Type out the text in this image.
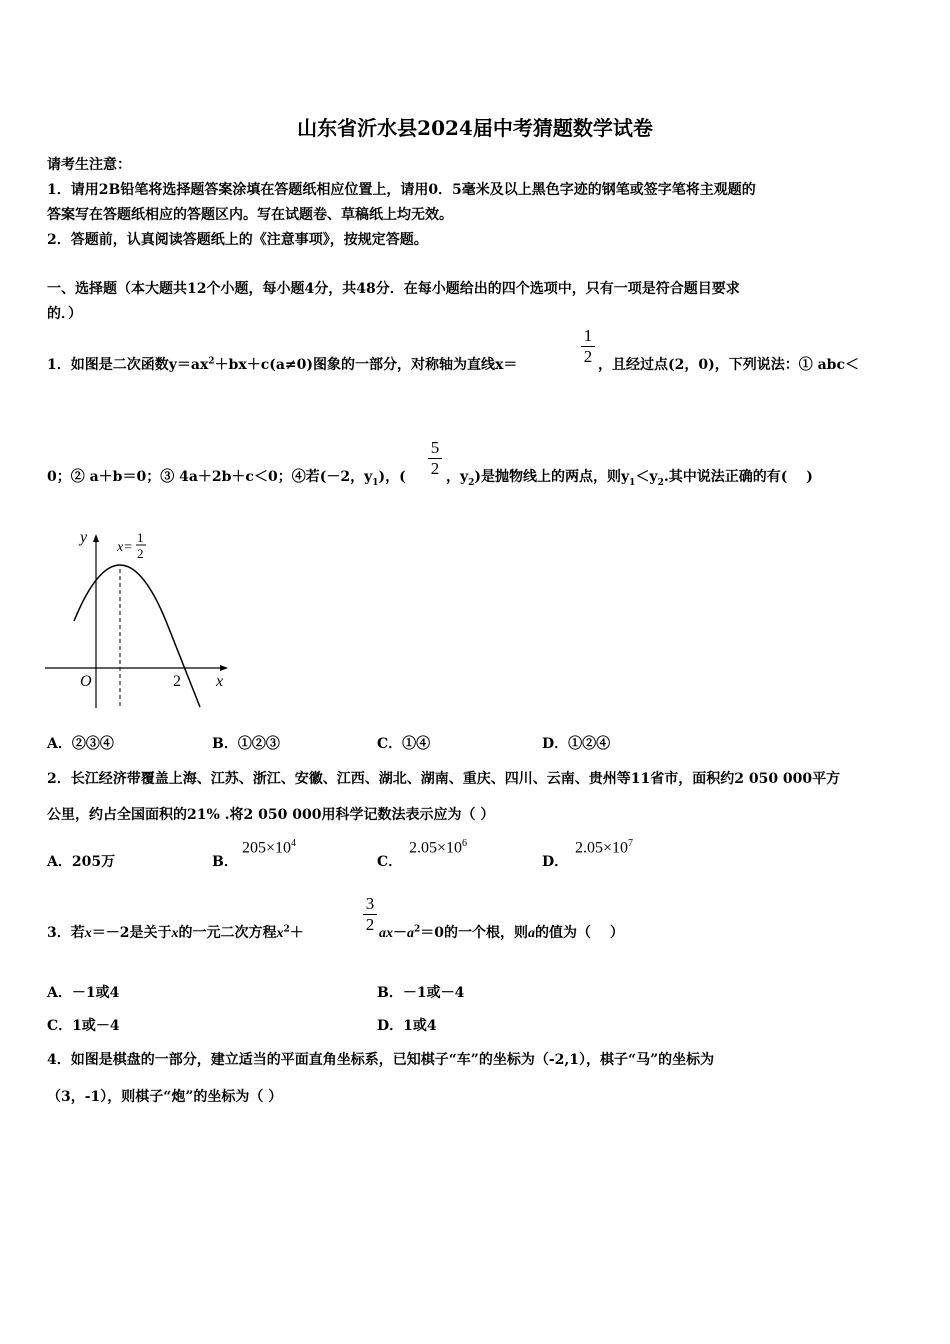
山东省沂水县2024届中考猜题数学试卷
请考生注意：
1．请用2B铅笔将选择题答案涂填在答题纸相应位置上，请用0．5毫米及以上黑色字迹的钢笔或签字笔将主观题的
答案写在答题纸相应的答题区内。写在试题卷、草稿纸上均无效。
2．答题前，认真阅读答题纸上的《注意事项》，按规定答题。
一、选择题（本大题共12个小题，每小题4分，共48分．在每小题给出的四个选项中，只有一项是符合题目要求
的．）
1．如图是二次函数$y=ax^2+bx+c(a\ne 0)$图象的一部分，对称轴为直线x＝
1
2 ，且经过点(2，0)，下列说法：① abc＜
0；② a＋b＝0；③ 4a＋2b＋c＜0；④若(－2，$y_1$)，(
5
2 ，$y_2$)是抛物线上的两点，则$y_1<y_2$.其中说法正确的有(　 )
y
x
O	2
x=
1
2
A．②③④	B．①②③	C．①④	D．①②④
2．长江经济带覆盖上海、江苏、浙江、安徽、江西、湖北、湖南、重庆、四川、云南、贵州等11省市，面积约2 050 000平方
公里，约占全国面积的21% .将2 050 000用科学记数法表示应为（ ）
A．205万	B．
$205\times 10^4$
C．
$2.05\times 10^6$
D．
$2.05\times 10^7$
3．若x＝－2是关于x的一元二次方程$x^2+$
3
2 $ax-a^2=0$的一个根，则a的值为（　 ）
A．－1或4	B．－1或－4
C．1或－4	D．1或4
4．如图是棋盘的一部分，建立适当的平面直角坐标系，已知棋子“车”的坐标为（-2,1），棋子“马”的坐标为
（3，-1），则棋子“炮”的坐标为（ ）
